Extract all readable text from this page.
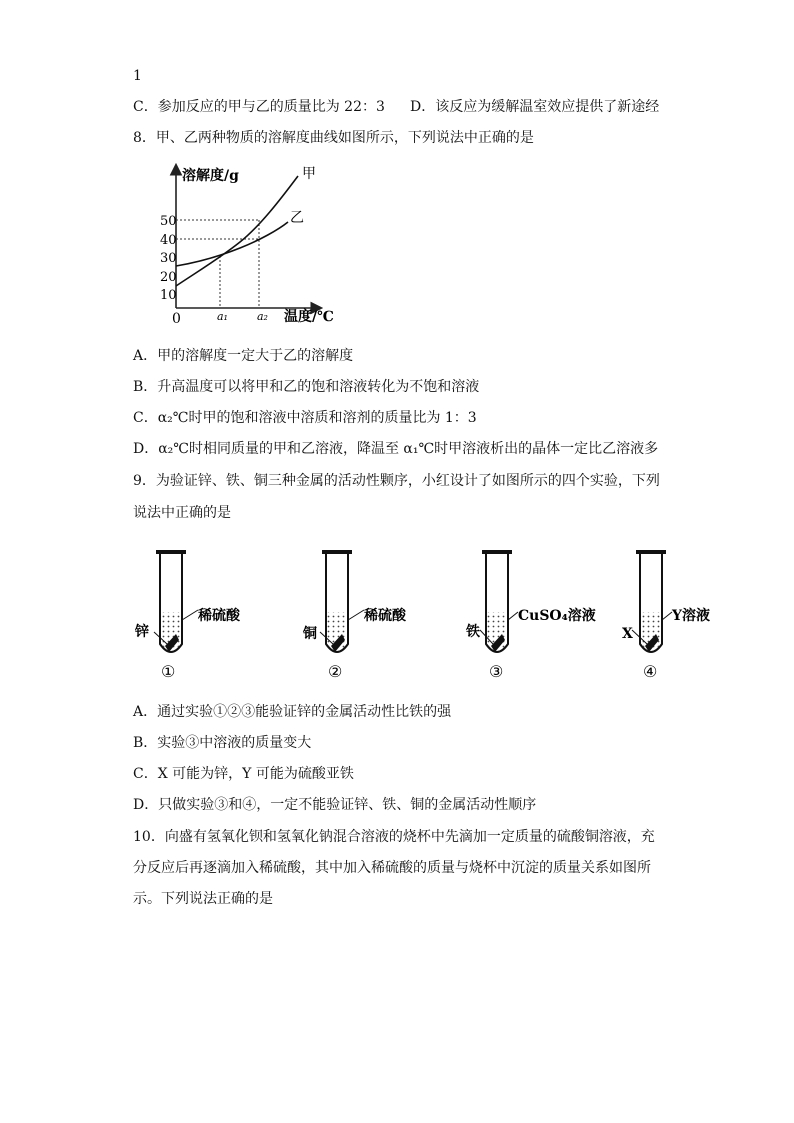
1
C．参加反应的甲与乙的质量比为 22：3 D．该反应为缓解温室效应提供了新途经
8．甲、乙两种物质的溶解度曲线如图所示，下列说法中正确的是
溶解度/g
温度/℃
0
50
40
30
20
10
a₁	a₂
甲
乙
A．甲的溶解度一定大于乙的溶解度
B．升高温度可以将甲和乙的饱和溶液转化为不饱和溶液
C．α₂℃时甲的饱和溶液中溶质和溶剂的质量比为 1：3
D．α₂℃时相同质量的甲和乙溶液，降温至 α₁℃时甲溶液析出的晶体一定比乙溶液多
9．为验证锌、铁、铜三种金属的活动性颗序，小红设计了如图所示的四个实验，下列
说法中正确的是
锌
稀硫酸
①
铜
稀硫酸
②
铁
CuSO₄溶液
③
X
Y溶液
④
A．通过实验①②③能验证锌的金属活动性比铁的强
B．实验③中溶液的质量变大
C．X 可能为锌，Y 可能为硫酸亚铁
D．只做实验③和④，一定不能验证锌、铁、铜的金属活动性顺序
10．向盛有氢氧化钡和氢氧化钠混合溶液的烧杯中先滴加一定质量的硫酸铜溶液，充
分反应后再逐滴加入稀硫酸，其中加入稀硫酸的质量与烧杯中沉淀的质量关系如图所
示。下列说法正确的是
